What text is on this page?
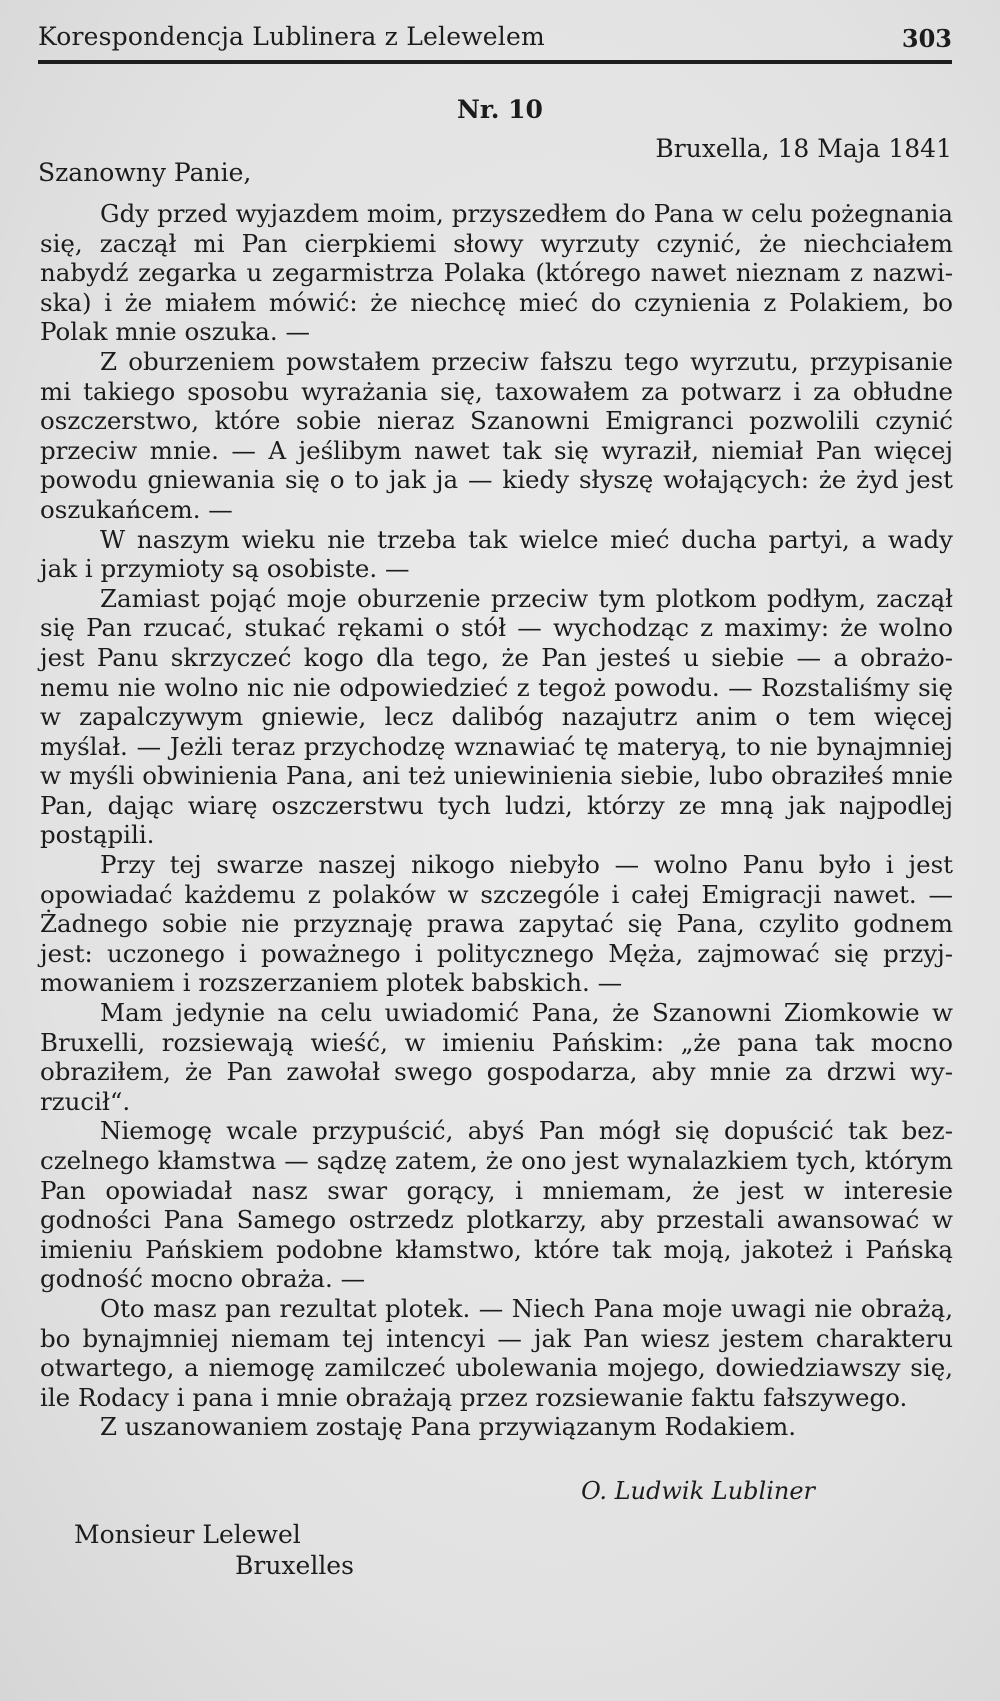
Korespondencja Lublinera z Lelewelem	303
Nr. 10
Bruxella, 18 Maja 1841
Szanowny Panie,

Gdy przed wyjazdem moim, przyszedłem do Pana w celu pożegnania się, zaczął mi Pan cierpkiemi słowy wyrzuty czynić, że niechciałem nabydź zegarka u zegarmistrza Polaka (którego nawet nieznam z nazwiska) i że miałem mówić: że niechcę mieć do czynienia z Polakiem, bo Polak mnie oszuka. —

Z oburzeniem powstałem przeciw fałszu tego wyrzutu, przypisanie mi takiego sposobu wyrażania się, taxowałem za potwarz i za obłudne oszczerstwo, które sobie nieraz Szanowni Emigranci pozwolili czynić przeciw mnie. — A jeślibym nawet tak się wyraził, niemiał Pan więcej powodu gniewania się o to jak ja — kiedy słyszę wołających: że żyd jest oszukańcem. —

W naszym wieku nie trzeba tak wielce mieć ducha partyi, a wady jak i przymioty są osobiste. —

Zamiast pojąć moje oburzenie przeciw tym plotkom podłym, zaczął się Pan rzucać, stukać rękami o stół — wychodząc z maximy: że wolno jest Panu skrzyczeć kogo dla tego, że Pan jesteś u siebie — a obrażonemu nie wolno nic nie odpowiedzieć z tegoż powodu. — Rozstaliśmy się w zapalczywym gniewie, lecz dalibóg nazajutrz anim o tem więcej myślał. — Jeżli teraz przychodzę wznawiać tę materyą, to nie bynajmniej w myśli obwinienia Pana, ani też uniewinienia siebie, lubo obraziłeś mnie Pan, dając wiarę oszczerstwu tych ludzi, którzy ze mną jak najpodlej postąpili.

Przy tej swarze naszej nikogo niebyło — wolno Panu było i jest opowiadać każdemu z polaków w szczególe i całej Emigracji nawet. — Żadnego sobie nie przyznaję prawa zapytać się Pana, czylito godnem jest: uczonego i poważnego i politycznego Męża, zajmować się przyjmowaniem i rozszerzaniem plotek babskich. —

Mam jedynie na celu uwiadomić Pana, że Szanowni Ziomkowie w Bruxelli, rozsiewają wieść, w imieniu Pańskim: „że pana tak mocno obraziłem, że Pan zawołał swego gospodarza, aby mnie za drzwi wyrzucił“.

Niemogę wcale przypuścić, abyś Pan mógł się dopuścić tak bezczelnego kłamstwa — sądzę zatem, że ono jest wynalazkiem tych, którym Pan opowiadał nasz swar gorący, i mniemam, że jest w interesie godności Pana Samego ostrzedz plotkarzy, aby przestali awansować w imieniu Pańskiem podobne kłamstwo, które tak moją, jakoteż i Pańską godność mocno obraża. —

Oto masz pan rezultat plotek. — Niech Pana moje uwagi nie obrażą, bo bynajmniej niemam tej intencyi — jak Pan wiesz jestem charakteru otwartego, a niemogę zamilczeć ubolewania mojego, dowiedziawszy się, ile Rodacy i pana i mnie obrażają przez rozsiewanie faktu fałszywego.

Z uszanowaniem zostaję Pana przywiązanym Rodakiem.

O. Ludwik Lubliner
Monsieur Lelewel
Bruxelles
